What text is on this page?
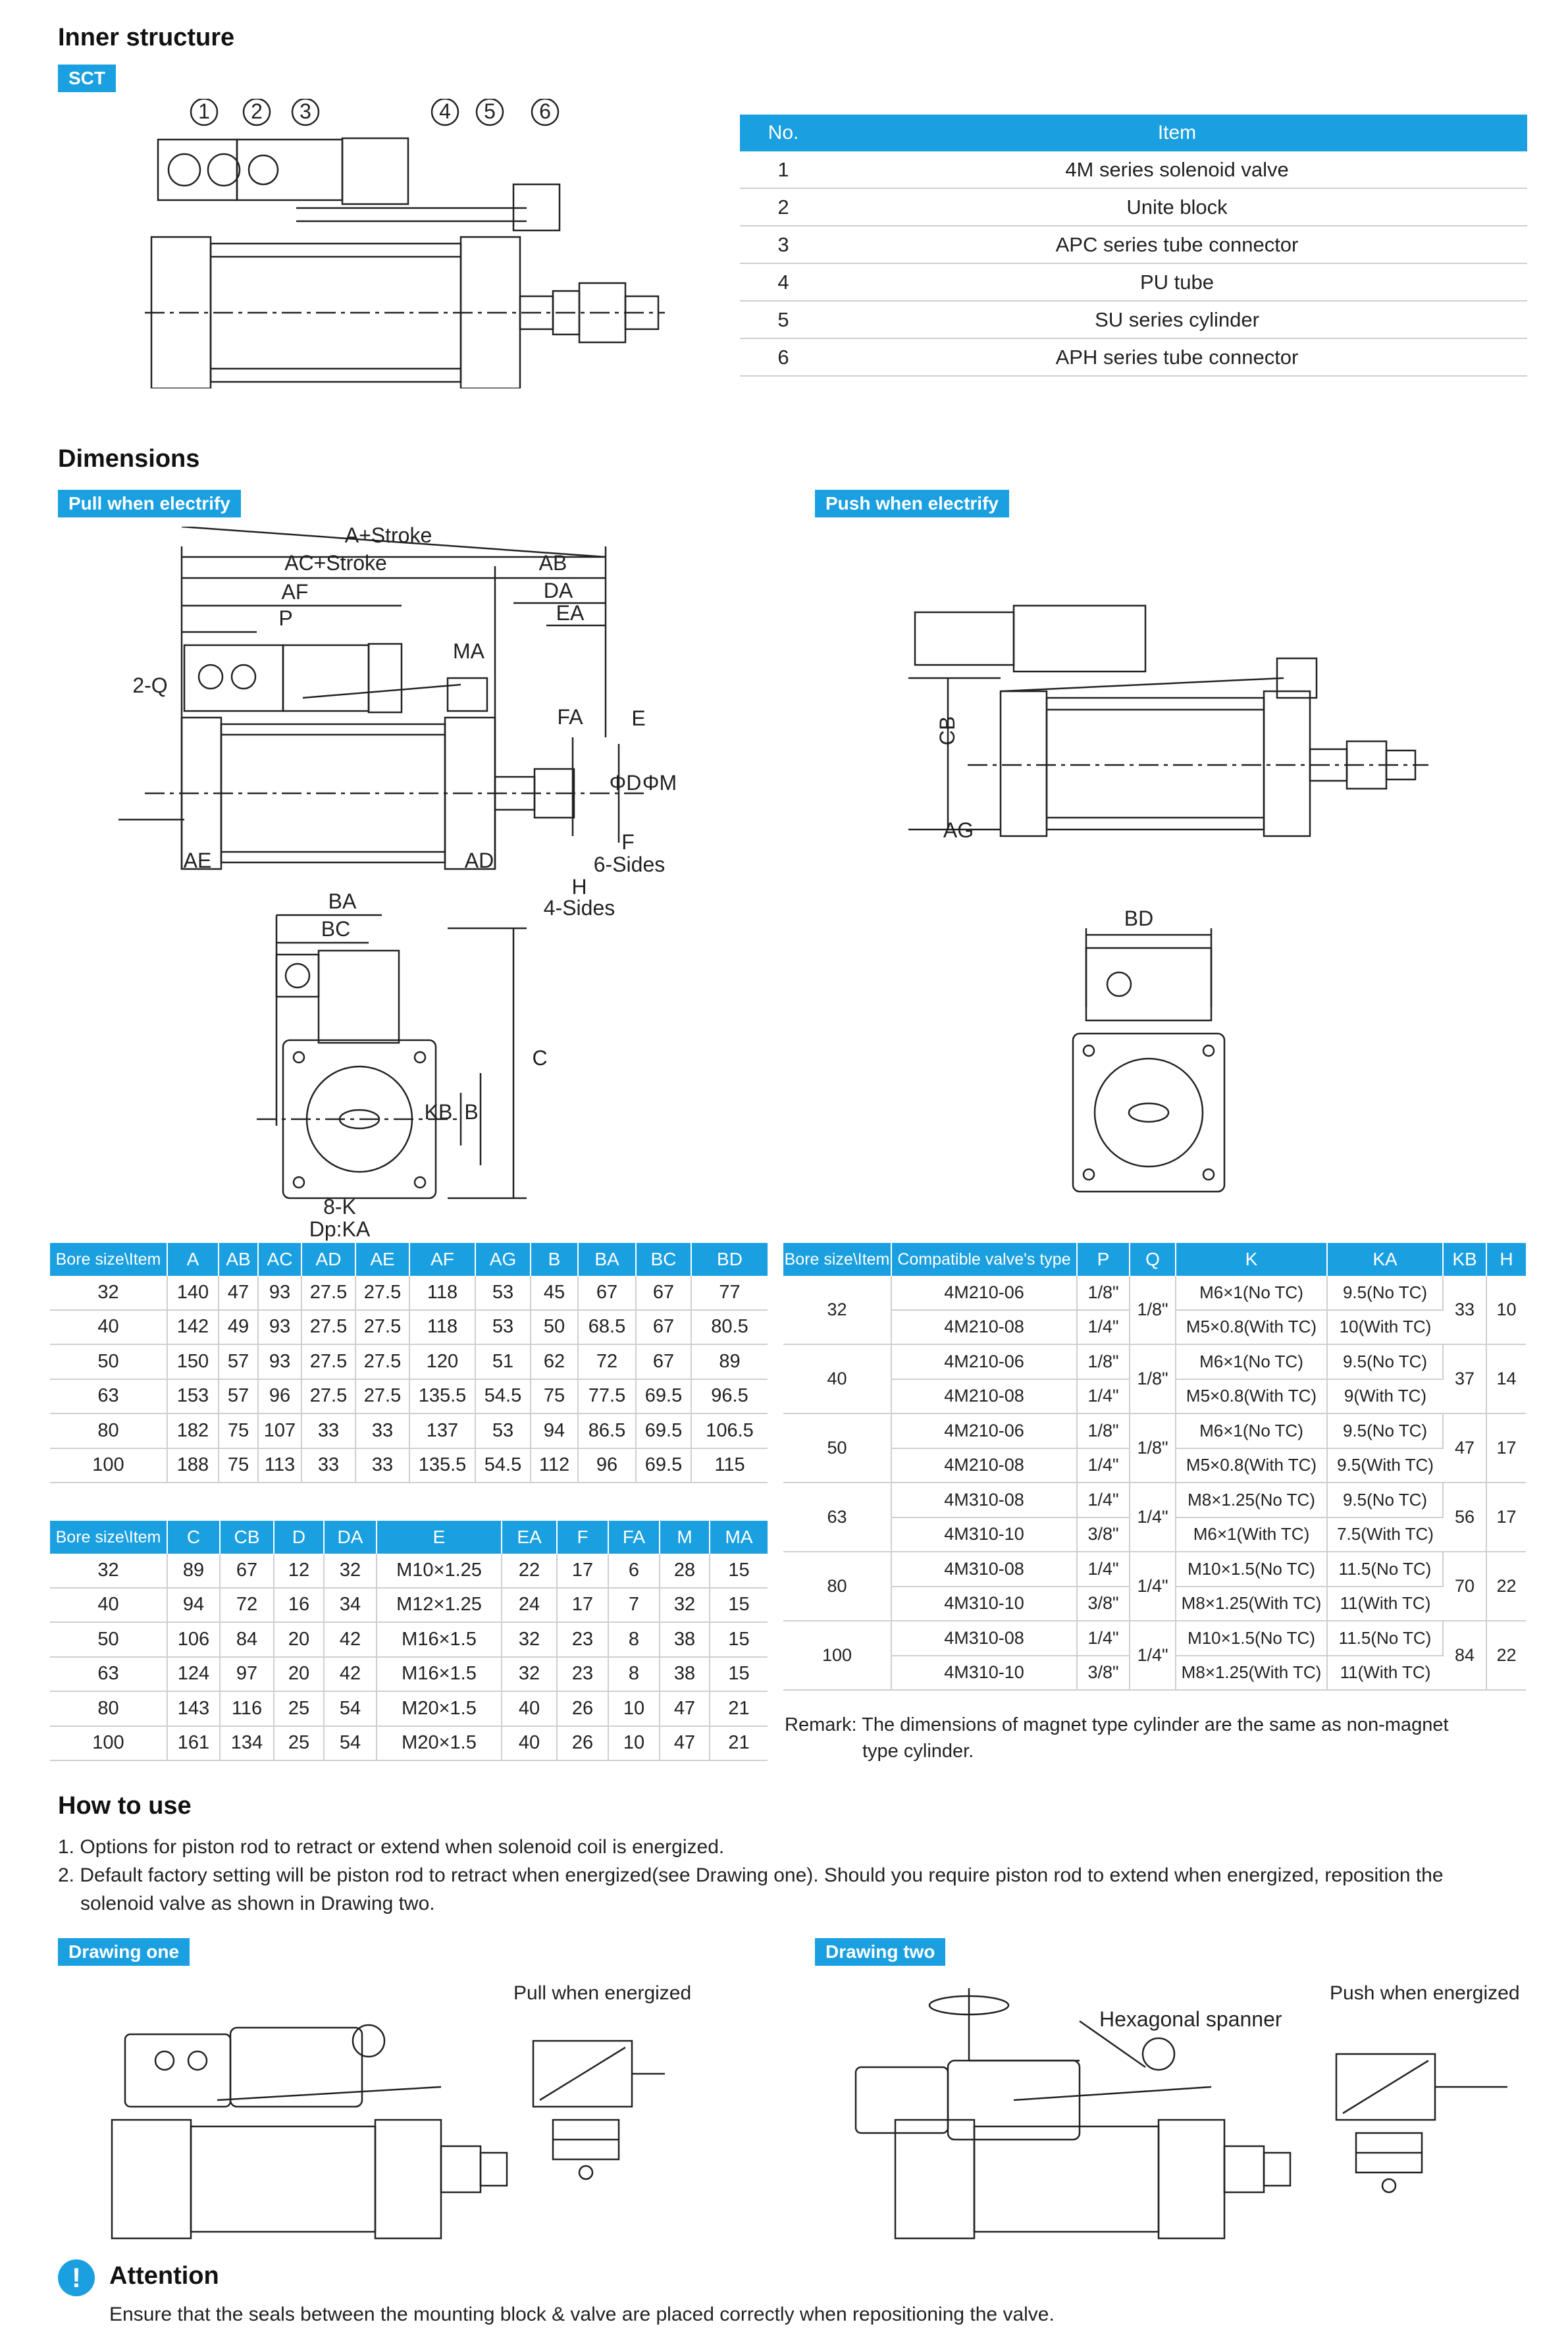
Inner structure
SCT
1 2 3	4 5 6
No.	Item
1	4M series solenoid valve
2	Unite block
3	APC series tube connector
4	PU tube
5	SU series cylinder
6	APH series tube connector
Dimensions
Pull when electrify	Push when electrify
A+Stroke
AC+Stroke	AB
AF	DA
P	EA
2-Q
MA
FA E
ΦD ΦM
AE	AD
F
6-Sides
H
4-Sides
BA
BC
C
KB B
8-K
Dp:KA
CB
AG
BD
Bore size\Item	A	AB	AC	AD	AE	AF	AG	B	BA	BC	BD
32	140	47	93	27.5	27.5	118	53	45	67	67	77
40	142	49	93	27.5	27.5	118	53	50	68.5	67	80.5
50	150	57	93	27.5	27.5	120	51	62	72	67	89
63	153	57	96	27.5	27.5	135.5	54.5	75	77.5	69.5	96.5
80	182	75	107	33	33	137	53	94	86.5	69.5	106.5
100	188	75	113	33	33	135.5	54.5	112	96	69.5	115
Bore size\Item	C	CB	D	DA	E	EA	F	FA	M	MA
32	89	67	12	32	M10×1.25	22	17	6	28	15
40	94	72	16	34	M12×1.25	24	17	7	32	15
50	106	84	20	42	M16×1.5	32	23	8	38	15
63	124	97	20	42	M16×1.5	32	23	8	38	15
80	143	116	25	54	M20×1.5	40	26	10	47	21
100	161	134	25	54	M20×1.5	40	26	10	47	21
Bore size\Item	Compatible valve's type	P	Q	K	KA	KB	H
32	4M210-06	1/8"	1/8"	M6×1(No TC)	9.5(No TC)	33	10
	4M210-08	1/4"		M5×0.8(With TC)	10(With TC)		
40	4M210-06	1/8"	1/8"	M6×1(No TC)	9.5(No TC)	37	14
	4M210-08	1/4"		M5×0.8(With TC)	9(With TC)		
50	4M210-06	1/8"	1/8"	M6×1(No TC)	9.5(No TC)	47	17
	4M210-08	1/4"		M5×0.8(With TC)	9.5(With TC)		
63	4M310-08	1/4"	1/4"	M8×1.25(No TC)	9.5(No TC)	56	17
	4M310-10	3/8"		M6×1(With TC)	7.5(With TC)		
80	4M310-08	1/4"	1/4"	M10×1.5(No TC)	11.5(No TC)	70	22
	4M310-10	3/8"		M8×1.25(With TC)	11(With TC)		
100	4M310-08	1/4"	1/4"	M10×1.5(No TC)	11.5(No TC)	84	22
	4M310-10	3/8"		M8×1.25(With TC)	11(With TC)		
Remark: The dimensions of magnet type cylinder are the same as non-magnet
type cylinder.
How to use
1. Options for piston rod to retract or extend when solenoid coil is energized.
2. Default factory setting will be piston rod to retract when energized(see Drawing one). Should you require piston rod to extend when energized, reposition the
solenoid valve as shown in Drawing two.
Drawing one	Drawing two
Pull when energized	Push when energized
Hexagonal spanner
!	Attention
Ensure that the seals between the mounting block & valve are placed correctly when repositioning the valve.
